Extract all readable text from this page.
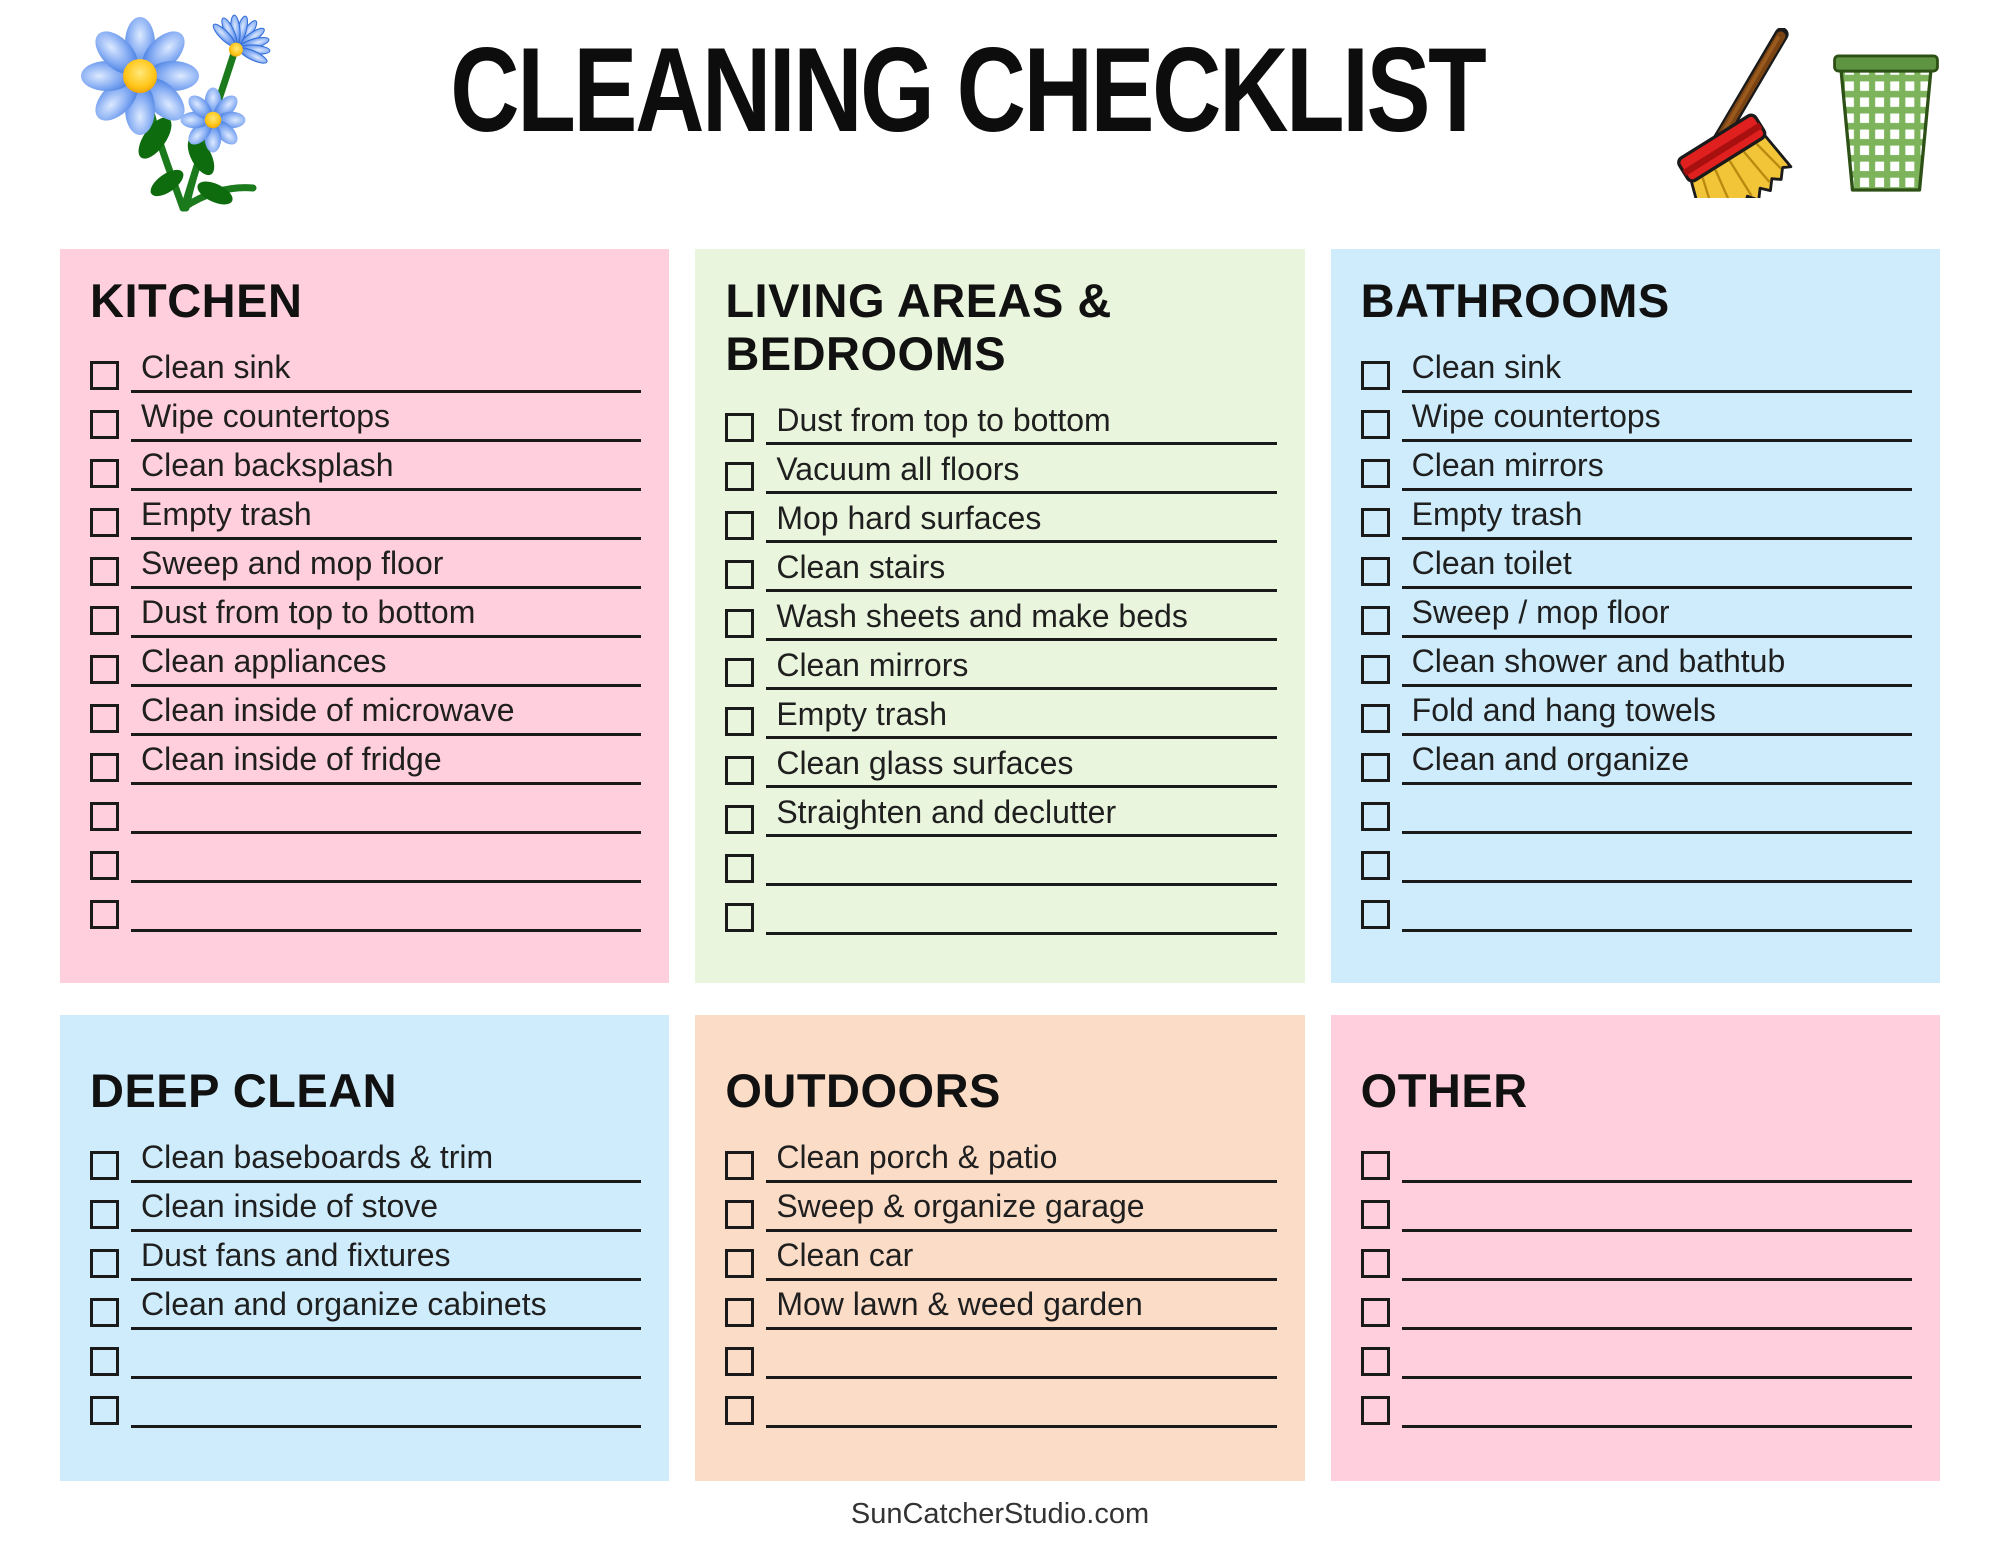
CLEANING CHECKLIST
KITCHEN
Clean sink
Wipe countertops
Clean backsplash
Empty trash
Sweep and mop floor
Dust from top to bottom
Clean appliances
Clean inside of microwave
Clean inside of fridge
LIVING AREAS & BEDROOMS
Dust from top to bottom
Vacuum all floors
Mop hard surfaces
Clean stairs
Wash sheets and make beds
Clean mirrors
Empty trash
Clean glass surfaces
Straighten and declutter
BATHROOMS
Clean sink
Wipe countertops
Clean mirrors
Empty trash
Clean toilet
Sweep / mop floor
Clean shower and bathtub
Fold and hang towels
Clean and organize
DEEP CLEAN
Clean baseboards & trim
Clean inside of stove
Dust fans and fixtures
Clean and organize cabinets
OUTDOORS
Clean porch & patio
Sweep & organize garage
Clean car
Mow lawn & weed garden
OTHER
SunCatcherStudio.com
